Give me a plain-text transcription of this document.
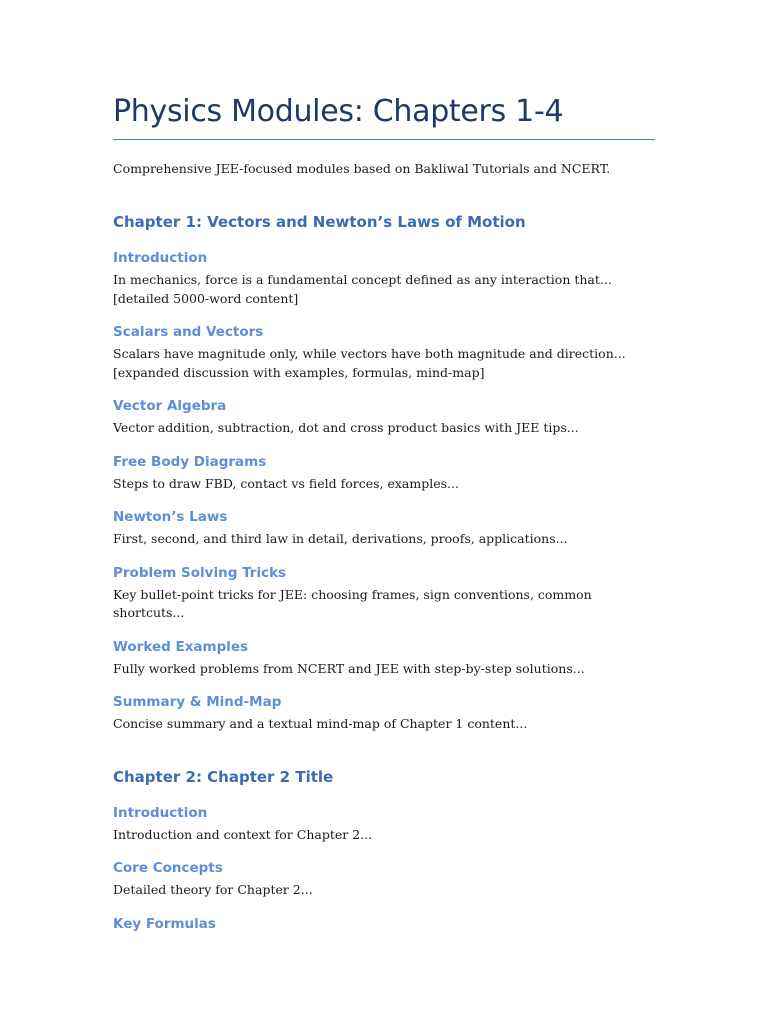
Physics Modules: Chapters 1-4

Comprehensive JEE-focused modules based on Bakliwal Tutorials and NCERT.

Chapter 1: Vectors and Newton’s Laws of Motion
Introduction

In mechanics, force is a fundamental concept defined as any interaction that... [detailed 5000-word content]

Scalars and Vectors

Scalars have magnitude only, while vectors have both magnitude and direction... [expanded discussion with examples, formulas, mind-map]

Vector Algebra

Vector addition, subtraction, dot and cross product basics with JEE tips...

Free Body Diagrams

Steps to draw FBD, contact vs field forces, examples...

Newton’s Laws

First, second, and third law in detail, derivations, proofs, applications...

Problem Solving Tricks

Key bullet-point tricks for JEE: choosing frames, sign conventions, common shortcuts...

Worked Examples

Fully worked problems from NCERT and JEE with step-by-step solutions...

Summary & Mind-Map

Concise summary and a textual mind-map of Chapter 1 content...

Chapter 2: Chapter 2 Title
Introduction

Introduction and context for Chapter 2...

Core Concepts

Detailed theory for Chapter 2...

Key Formulas
